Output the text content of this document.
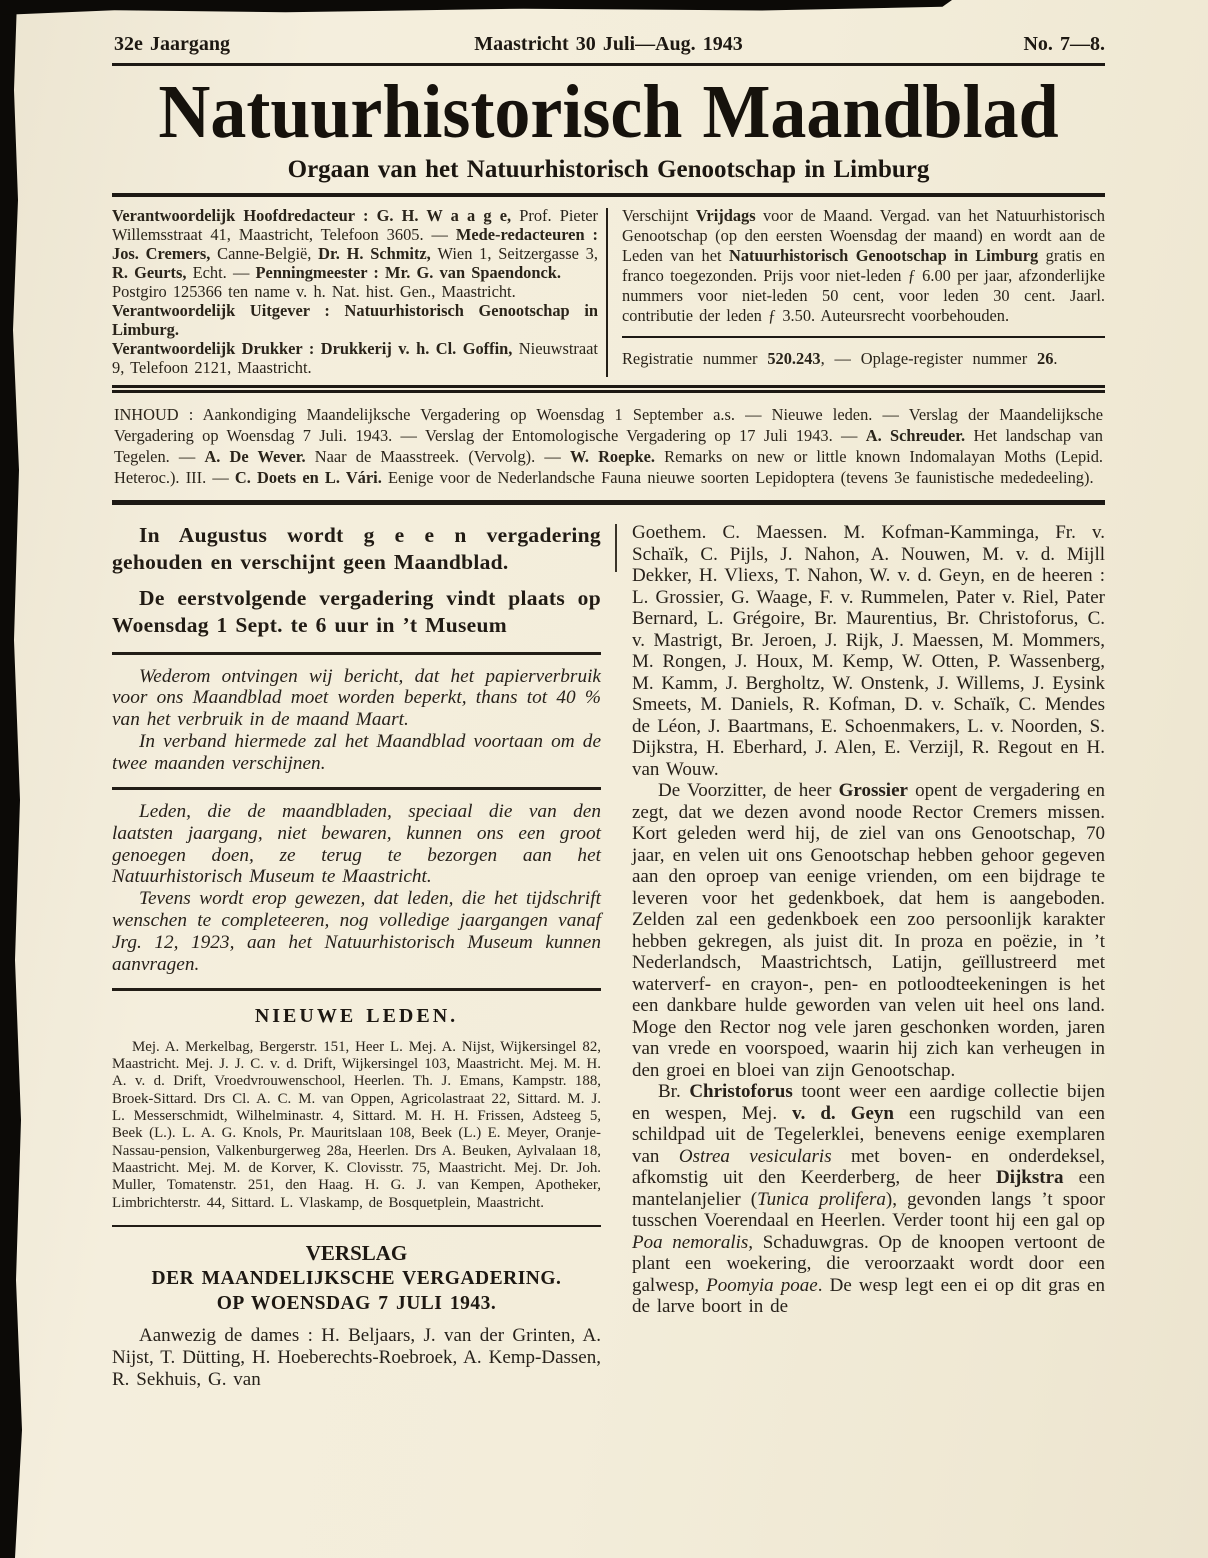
32e Jaargang	Maastricht 30 Juli—Aug. 1943	No. 7—8.
Natuurhistorisch Maandblad
Orgaan van het Natuurhistorisch Genootschap in Limburg

Verantwoordelijk Hoofdredacteur : G. H. W a a g e, Prof. Pieter Willemsstraat 41, Maastricht, Telefoon 3605. — Mede-redacteuren : Jos. Cremers, Canne-België, Dr. H. Schmitz, Wien 1, Seitzergasse 3, R. Geurts, Echt. — Penningmeester : Mr. G. van Spaendonck.

Postgiro 125366 ten name v. h. Nat. hist. Gen., Maastricht.

Verantwoordelijk Uitgever : Natuurhistorisch Genootschap in Limburg.

Verantwoordelijk Drukker : Drukkerij v. h. Cl. Goffin, Nieuwstraat 9, Telefoon 2121, Maastricht.

Verschijnt Vrijdags voor de Maand. Vergad. van het Natuurhistorisch Genootschap (op den eersten Woensdag der maand) en wordt aan de Leden van het Natuurhistorisch Genootschap in Limburg gratis en franco toegezonden. Prijs voor niet-leden ƒ 6.00 per jaar, afzonderlijke nummers voor niet-leden 50 cent, voor leden 30 cent. Jaarl. contributie der leden ƒ 3.50. Auteursrecht voorbehouden.

Registratie nummer 520.243, — Oplage-register nummer 26.

INHOUD : Aankondiging Maandelijksche Vergadering op Woensdag 1 September a.s. — Nieuwe leden. — Verslag der Maandelijksche Vergadering op Woensdag 7 Juli. 1943. — Verslag der Entomologische Vergadering op 17 Juli 1943. — A. Schreuder. Het landschap van Tegelen. — A. De Wever. Naar de Maasstreek. (Vervolg). — W. Roepke. Remarks on new or little known Indomalayan Moths (Lepid. Heteroc.). III. — C. Doets en L. Vári. Eenige voor de Nederlandsche Fauna nieuwe soorten Lepidoptera (tevens 3e faunistische mededeeling).

In Augustus wordt g e e n vergadering gehouden en verschijnt geen Maandblad.

De eerstvolgende vergadering vindt plaats op Woensdag 1 Sept. te 6 uur in ’t Museum

Wederom ontvingen wij bericht, dat het papierverbruik voor ons Maandblad moet worden beperkt, thans tot 40 % van het verbruik in de maand Maart.

In verband hiermede zal het Maandblad voortaan om de twee maanden verschijnen.

Leden, die de maandbladen, speciaal die van den laatsten jaargang, niet bewaren, kunnen ons een groot genoegen doen, ze terug te bezorgen aan het Natuurhistorisch Museum te Maastricht.

Tevens wordt erop gewezen, dat leden, die het tijdschrift wenschen te completeeren, nog volledige jaargangen vanaf Jrg. 12, 1923, aan het Natuurhistorisch Museum kunnen aanvragen.

NIEUWE LEDEN.

Mej. A. Merkelbag, Bergerstr. 151, Heer L. Mej. A. Nijst, Wijkersingel 82, Maastricht. Mej. J. J. C. v. d. Drift, Wijkersingel 103, Maastricht. Mej. M. H. A. v. d. Drift, Vroedvrouwenschool, Heerlen. Th. J. Emans, Kampstr. 188, Broek-Sittard. Drs Cl. A. C. M. van Oppen, Agricolastraat 22, Sittard. M. J. L. Messerschmidt, Wilhelminastr. 4, Sittard. M. H. H. Frissen, Adsteeg 5, Beek (L.). L. A. G. Knols, Pr. Mauritslaan 108, Beek (L.) E. Meyer, Oranje-Nassau-pension, Valkenburgerweg 28a, Heerlen. Drs A. Beuken, Aylvalaan 18, Maastricht. Mej. M. de Korver, K. Clovisstr. 75, Maastricht. Mej. Dr. Joh. Muller, Tomatenstr. 251, den Haag. H. G. J. van Kempen, Apotheker, Limbrichterstr. 44, Sittard. L. Vlaskamp, de Bosquetplein, Maastricht.

VERSLAG
DER MAANDELIJKSCHE VERGADERING.
OP WOENSDAG 7 JULI 1943.

Aanwezig de dames : H. Beljaars, J. van der Grinten, A. Nijst, T. Dütting, H. Hoeberechts-Roebroek, A. Kemp-Dassen, R. Sekhuis, G. van

Goethem. C. Maessen. M. Kofman-Kamminga, Fr. v. Schaïk, C. Pijls, J. Nahon, A. Nouwen, M. v. d. Mijll Dekker, H. Vliexs, T. Nahon, W. v. d. Geyn, en de heeren : L. Grossier, G. Waage, F. v. Rummelen, Pater v. Riel, Pater Bernard, L. Grégoire, Br. Maurentius, Br. Christoforus, C. v. Mastrigt, Br. Jeroen, J. Rijk, J. Maessen, M. Mommers, M. Rongen, J. Houx, M. Kemp, W. Otten, P. Wassenberg, M. Kamm, J. Bergholtz, W. Onstenk, J. Willems, J. Eysink Smeets, M. Daniels, R. Kofman, D. v. Schaïk, C. Mendes de Léon, J. Baartmans, E. Schoenmakers, L. v. Noorden, S. Dijkstra, H. Eberhard, J. Alen, E. Verzijl, R. Regout en H. van Wouw.

De Voorzitter, de heer Grossier opent de vergadering en zegt, dat we dezen avond noode Rector Cremers missen. Kort geleden werd hij, de ziel van ons Genootschap, 70 jaar, en velen uit ons Genootschap hebben gehoor gegeven aan den oproep van eenige vrienden, om een bijdrage te leveren voor het gedenkboek, dat hem is aangeboden. Zelden zal een gedenkboek een zoo persoonlijk karakter hebben gekregen, als juist dit. In proza en poëzie, in ’t Nederlandsch, Maastrichtsch, Latijn, geïllustreerd met waterverf- en crayon-, pen- en potloodteekeningen is het een dankbare hulde geworden van velen uit heel ons land. Moge den Rector nog vele jaren geschonken worden, jaren van vrede en voorspoed, waarin hij zich kan verheugen in den groei en bloei van zijn Genootschap.

Br. Christoforus toont weer een aardige collectie bijen en wespen, Mej. v. d. Geyn een rugschild van een schildpad uit de Tegelerklei, benevens eenige exemplaren van Ostrea vesicularis met boven- en onderdeksel, afkomstig uit den Keerderberg, de heer Dijkstra een mantelanjelier (Tunica prolifera), gevonden langs ’t spoor tusschen Voerendaal en Heerlen. Verder toont hij een gal op Poa nemoralis, Schaduwgras. Op de knoopen vertoont de plant een woekering, die veroorzaakt wordt door een galwesp, Poomyia poae. De wesp legt een ei op dit gras en de larve boort in de
